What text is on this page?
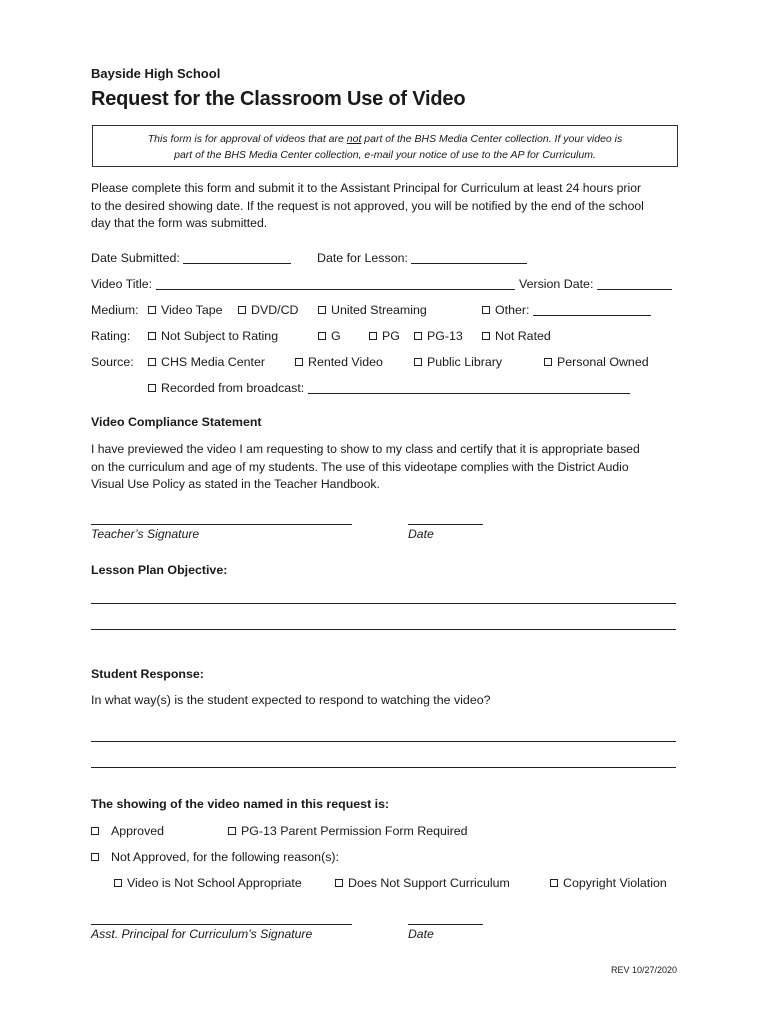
Bayside High School
Request for the Classroom Use of Video
This form is for approval of videos that are not part of the BHS Media Center collection. If your video is
part of the BHS Media Center collection, e-mail your notice of use to the AP for Curriculum.
Please complete this form and submit it to the Assistant Principal for Curriculum at least 24 hours prior
to the desired showing date. If the request is not approved, you will be notified by the end of the school
day that the form was submitted.
Date Submitted:	Date for Lesson:
Video Title:	Version Date:
Medium:	Video Tape	DVD/CD	United Streaming	Other:
Rating:	Not Subject to Rating	G	PG	PG-13	Not Rated
Source:	CHS Media Center	Rented Video	Public Library	Personal Owned
Recorded from broadcast:
Video Compliance Statement
I have previewed the video I am requesting to show to my class and certify that it is appropriate based
on the curriculum and age of my students. The use of this videotape complies with the District Audio
Visual Use Policy as stated in the Teacher Handbook.
Teacher’s Signature	Date
Lesson Plan Objective:
Student Response:
In what way(s) is the student expected to respond to watching the video?
The showing of the video named in this request is:
Approved	PG-13 Parent Permission Form Required
Not Approved, for the following reason(s):
Video is Not School Appropriate	Does Not Support Curriculum	Copyright Violation
Asst. Principal for Curriculum’s Signature	Date
REV 10/27/2020
